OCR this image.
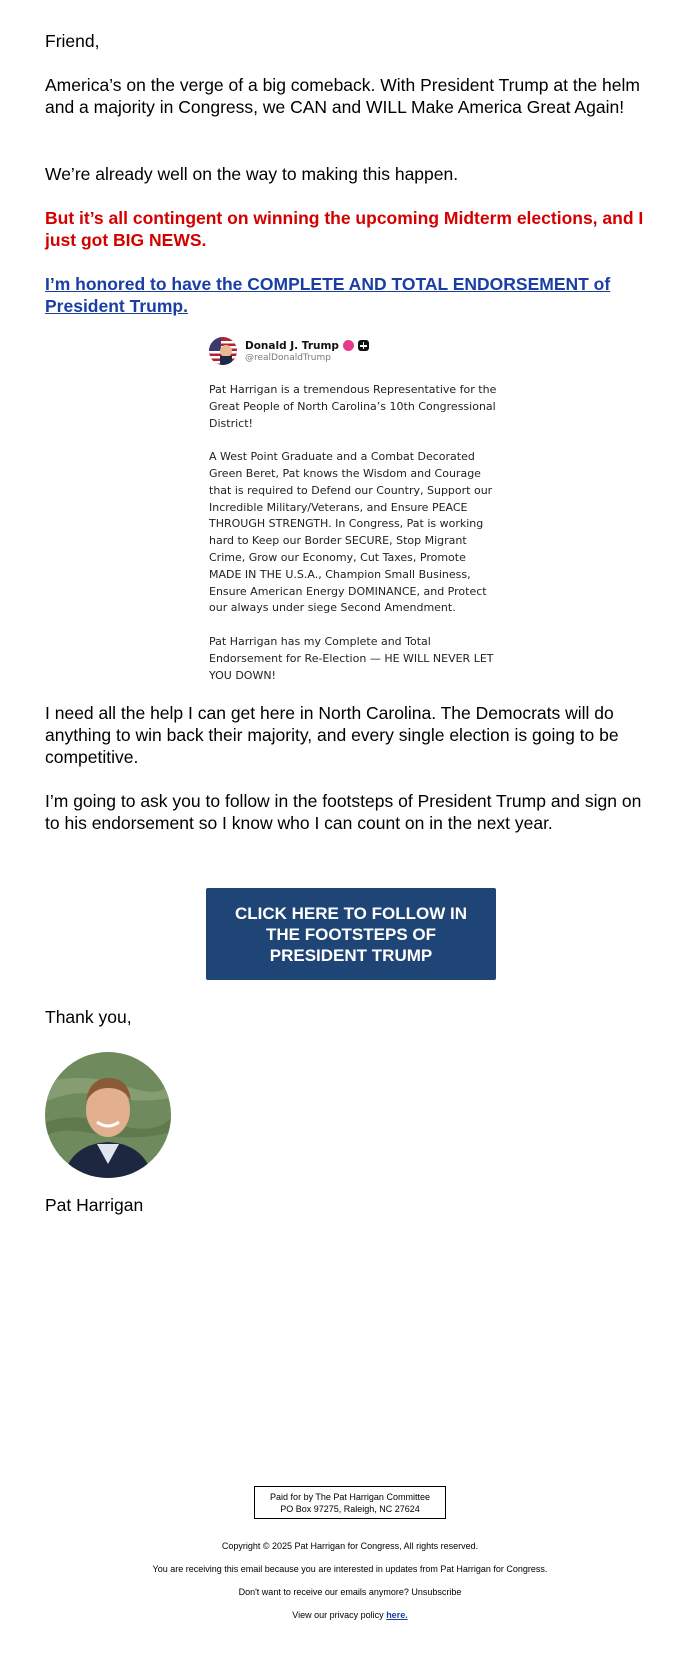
Friend,

America’s on the verge of a big comeback. With President Trump at the helm and a majority in Congress, we CAN and WILL Make America Great Again!

We’re already well on the way to making this happen.

But it’s all contingent on winning the upcoming Midterm elections, and I just got BIG NEWS.

I’m honored to have the COMPLETE AND TOTAL ENDORSEMENT of President Trump.

Donald J. Trump
@realDonaldTrump
Pat Harrigan is a tremendous Representative for the Great People of North Carolina’s 10th Congressional District!

A West Point Graduate and a Combat Decorated Green Beret, Pat knows the Wisdom and Courage that is required to Defend our Country, Support our Incredible Military/Veterans, and Ensure PEACE THROUGH STRENGTH. In Congress, Pat is working hard to Keep our Border SECURE, Stop Migrant Crime, Grow our Economy, Cut Taxes, Promote MADE IN THE U.S.A., Champion Small Business, Ensure American Energy DOMINANCE, and Protect our always under siege Second Amendment.

Pat Harrigan has my Complete and Total Endorsement for Re-Election — HE WILL NEVER LET YOU DOWN!

I need all the help I can get here in North Carolina. The Democrats will do anything to win back their majority, and every single election is going to be competitive.

I’m going to ask you to follow in the footsteps of President Trump and sign on to his endorsement so I know who I can count on in the next year.

CLICK HERE TO FOLLOW IN THE FOOTSTEPS OF PRESIDENT TRUMP

Thank you,

Pat Harrigan

Paid for by The Pat Harrigan Committee
PO Box 97275, Raleigh, NC 27624
Copyright © 2025 Pat Harrigan for Congress, All rights reserved.
You are receiving this email because you are interested in updates from Pat Harrigan for Congress.
Don't want to receive our emails anymore? Unsubscribe
View our privacy policy here.
